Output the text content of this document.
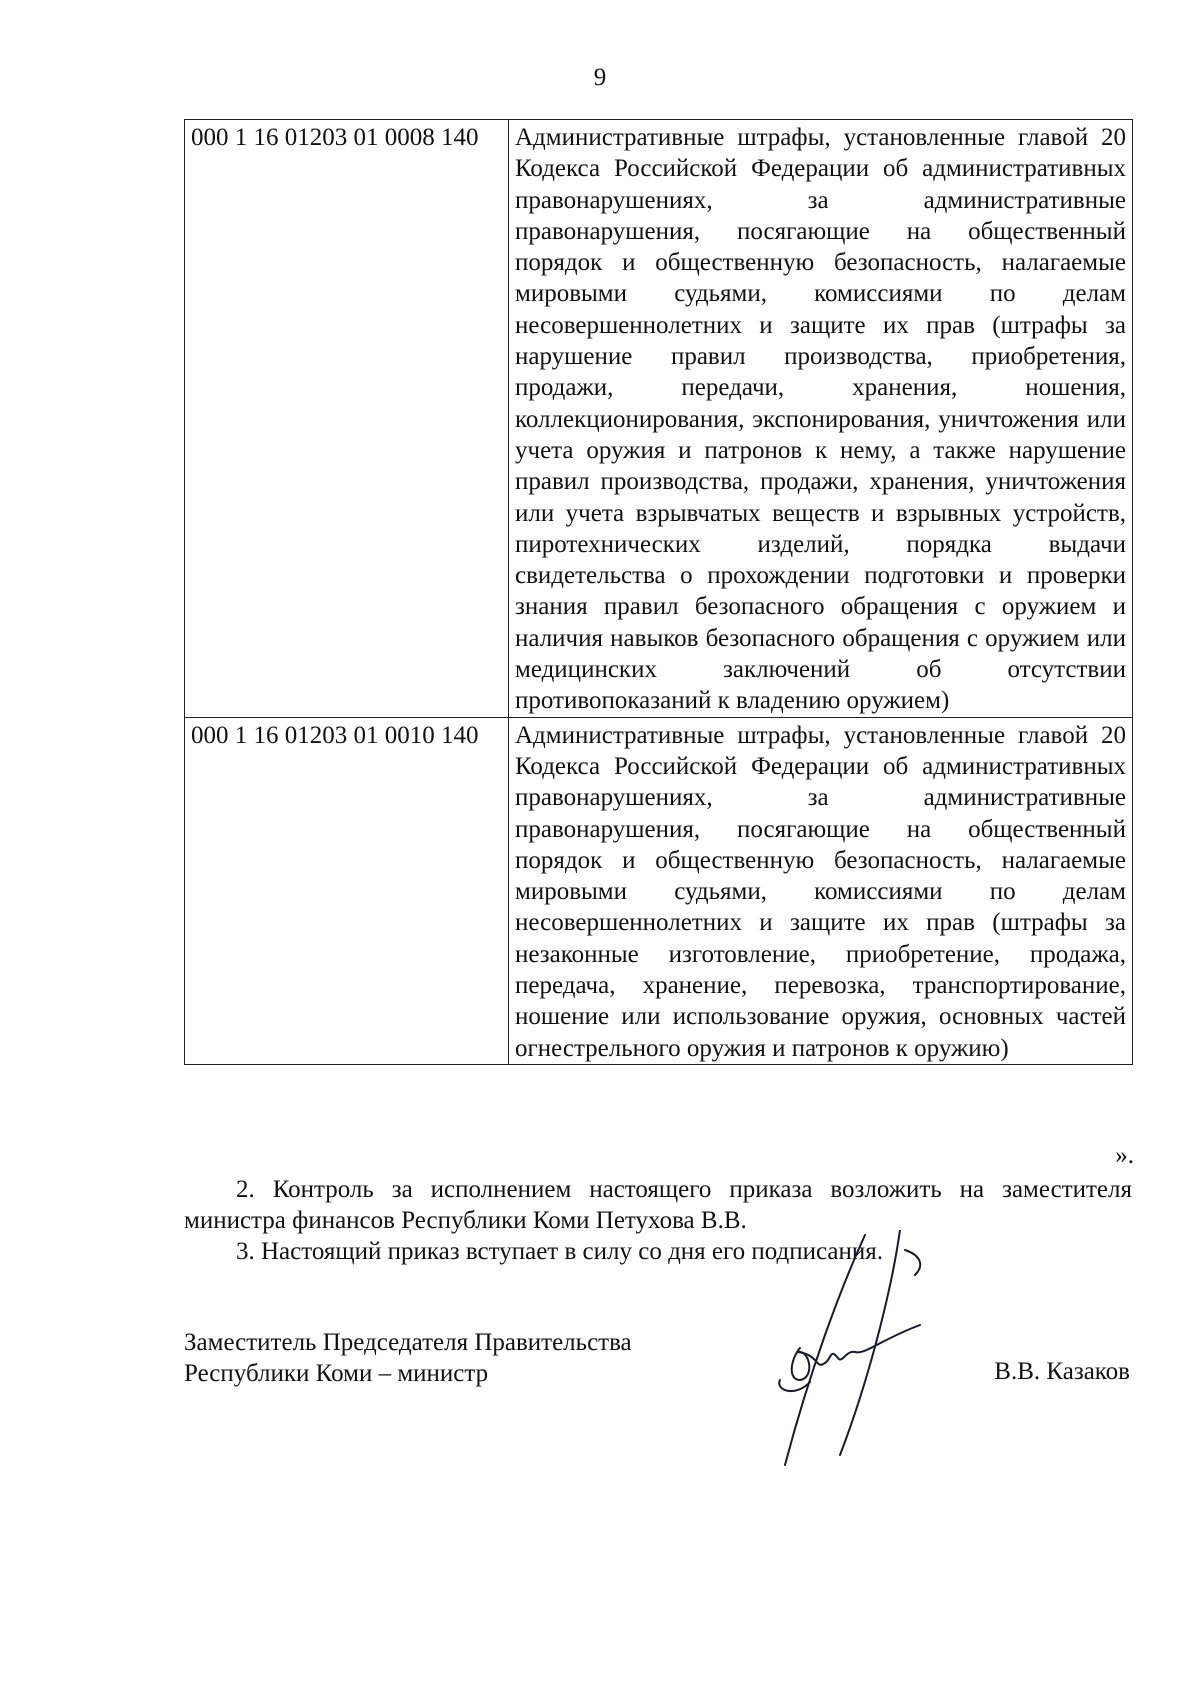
9
000 1 16 01203 01 0008 140	Административные штрафы, установленные главой 20 Кодекса Российской Федерации об административных правонарушениях, за административные правонарушения, посягающие на общественный порядок и общественную безопасность, налагаемые мировыми судьями, комиссиями по делам несовершеннолетних и защите их прав (штрафы за нарушение правил производства, приобретения, продажи, передачи, хранения, ношения, коллекционирования, экспонирования, уничтожения или учета оружия и патронов к нему, а также нарушение правил производства, продажи, хранения, уничтожения или учета взрывчатых веществ и взрывных устройств, пиротехнических изделий, порядка выдачи свидетельства о прохождении подготовки и проверки знания правил безопасного обращения с оружием и наличия навыков безопасного обращения с оружием или медицинских заключений об отсутствии противопоказаний к владению оружием)
000 1 16 01203 01 0010 140	Административные штрафы, установленные главой 20 Кодекса Российской Федерации об административных правонарушениях, за административные правонарушения, посягающие на общественный порядок и общественную безопасность, налагаемые мировыми судьями, комиссиями по делам несовершеннолетних и защите их прав (штрафы за незаконные изготовление, приобретение, продажа, передача, хранение, перевозка, транспортирование, ношение или использование оружия, основных частей огнестрельного оружия и патронов к оружию)
».
2. Контроль за исполнением настоящего приказа возложить на заместителя министра финансов Республики Коми Петухова В.В.
3. Настоящий приказ вступает в силу со дня его подписания.
Заместитель Председателя Правительства
Республики Коми – министр	В.В. Казаков
